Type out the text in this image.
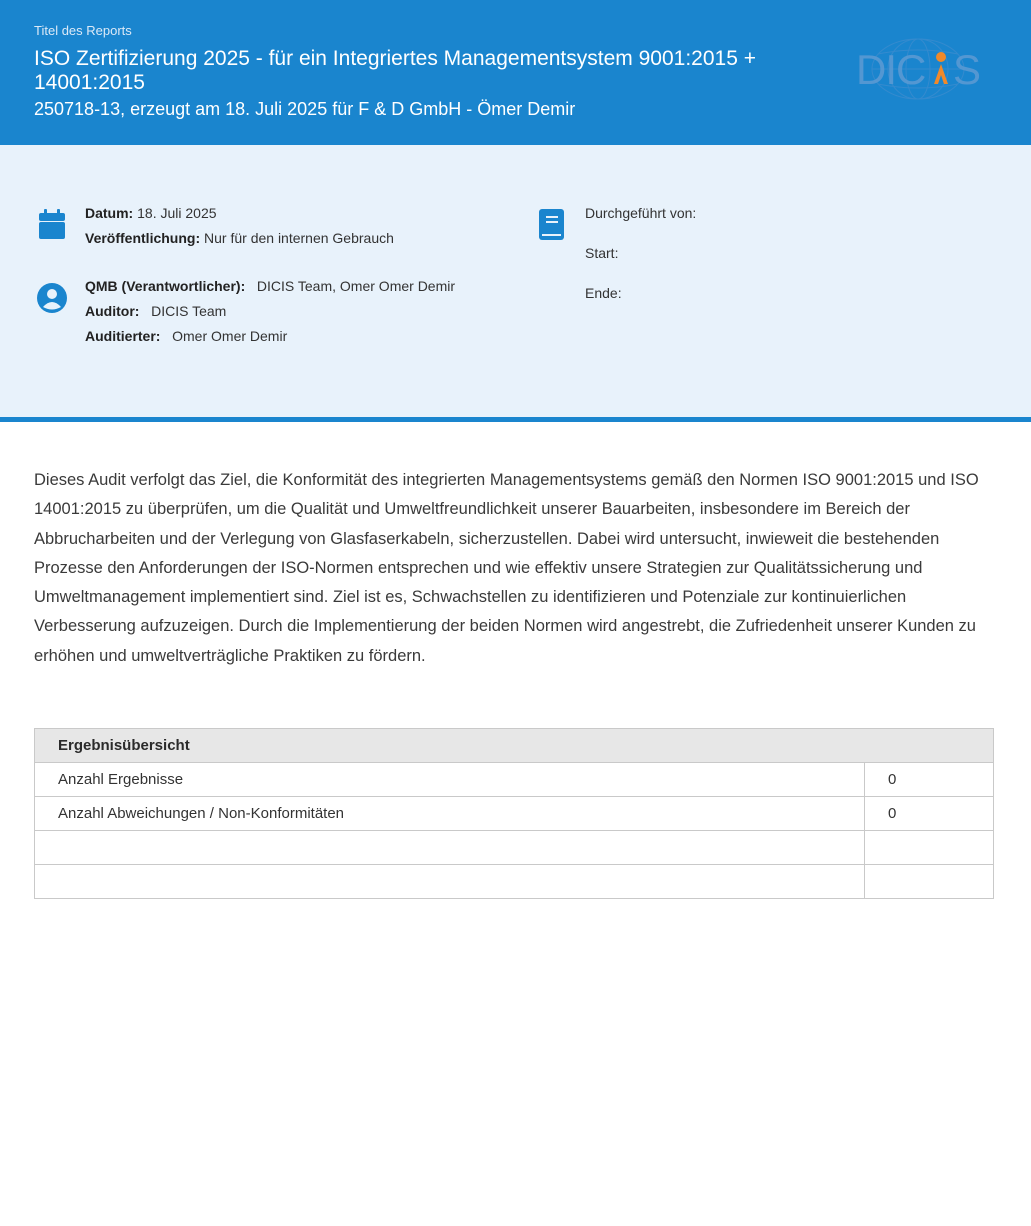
Titel des Reports
ISO Zertifizierung 2025 - für ein Integriertes Managementsystem 9001:2015 + 14001:2015
250718-13, erzeugt am 18. Juli 2025 für F & D GmbH - Ömer Demir
DIC S
Datum: 18. Juli 2025
Veröffentlichung: Nur für den internen Gebrauch
QMB (Verantwortlicher): DICIS Team, Omer Omer Demir
Auditor: DICIS Team
Auditierter: Omer Omer Demir
Durchgeführt von:
Start:
Ende:
Dieses Audit verfolgt das Ziel, die Konformität des integrierten Managementsystems gemäß den Normen ISO 9001:2015 und ISO 14001:2015 zu überprüfen, um die Qualität und Umweltfreundlichkeit unserer Bauarbeiten, insbesondere im Bereich der Abbrucharbeiten und der Verlegung von Glasfaserkabeln, sicherzustellen. Dabei wird untersucht, inwieweit die bestehenden Prozesse den Anforderungen der ISO-Normen entsprechen und wie effektiv unsere Strategien zur Qualitätssicherung und Umweltmanagement implementiert sind. Ziel ist es, Schwachstellen zu identifizieren und Potenziale zur kontinuierlichen Verbesserung aufzuzeigen. Durch die Implementierung der beiden Normen wird angestrebt, die Zufriedenheit unserer Kunden zu erhöhen und umweltverträgliche Praktiken zu fördern.
Ergebnisübersicht	
Anzahl Ergebnisse	0
Anzahl Abweichungen / Non-Konformitäten	0
